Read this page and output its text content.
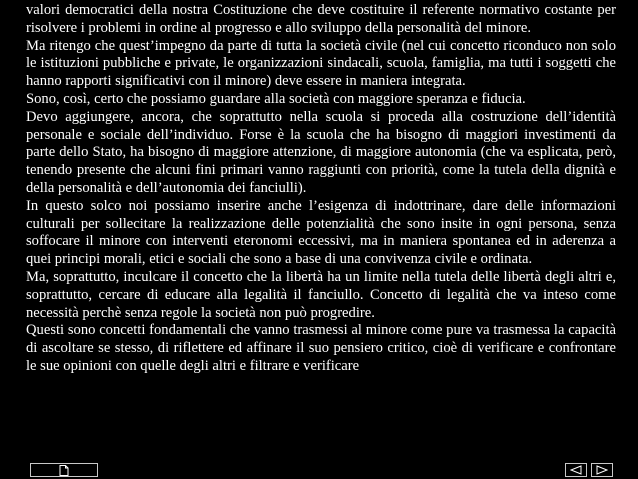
valori democratici della nostra Costituzione che deve costituire il referente normativo costante per risolvere i problemi in ordine al progresso e allo sviluppo della personalità del minore.

Ma ritengo che quest’impegno da parte di tutta la società civile (nel cui concetto riconduco non solo le istituzioni pubbliche e private, le organizzazioni sindacali, scuola, famiglia, ma tutti i soggetti che hanno rapporti significativi con il minore) deve essere in maniera integrata.

Sono, così, certo che possiamo guardare alla società con maggiore speranza e fiducia.

Devo aggiungere, ancora, che soprattutto nella scuola si proceda alla costruzione dell’identità personale e sociale dell’individuo. Forse è la scuola che ha bisogno di maggiori investimenti da parte dello Stato, ha bisogno di maggiore attenzione, di maggiore autonomia (che va esplicata, però, tenendo presente che alcuni fini primari vanno raggiunti con priorità, come la tutela della dignità e della personalità e dell’autonomia dei fanciulli).

In questo solco noi possiamo inserire anche l’esigenza di indottrinare, dare delle informazioni culturali per sollecitare la realizzazione delle potenzialità che sono insite in ogni persona, senza soffocare il minore con interventi eteronomi eccessivi, ma in maniera spontanea ed in aderenza a quei principi morali, etici e sociali che sono a base di una convivenza civile e ordinata.

Ma, soprattutto, inculcare il concetto che la libertà ha un limite nella tutela delle libertà degli altri e, soprattutto, cercare di educare alla legalità il fanciullo. Concetto di legalità che va inteso come necessità perchè senza regole la società non può progredire.

Questi sono concetti fondamentali che vanno trasmessi al minore come pure va trasmessa la capacità di ascoltare se stesso, di riflettere ed affinare il suo pensiero critico, cioè di verificare e confrontare le sue opinioni con quelle degli altri e filtrare e verificare
